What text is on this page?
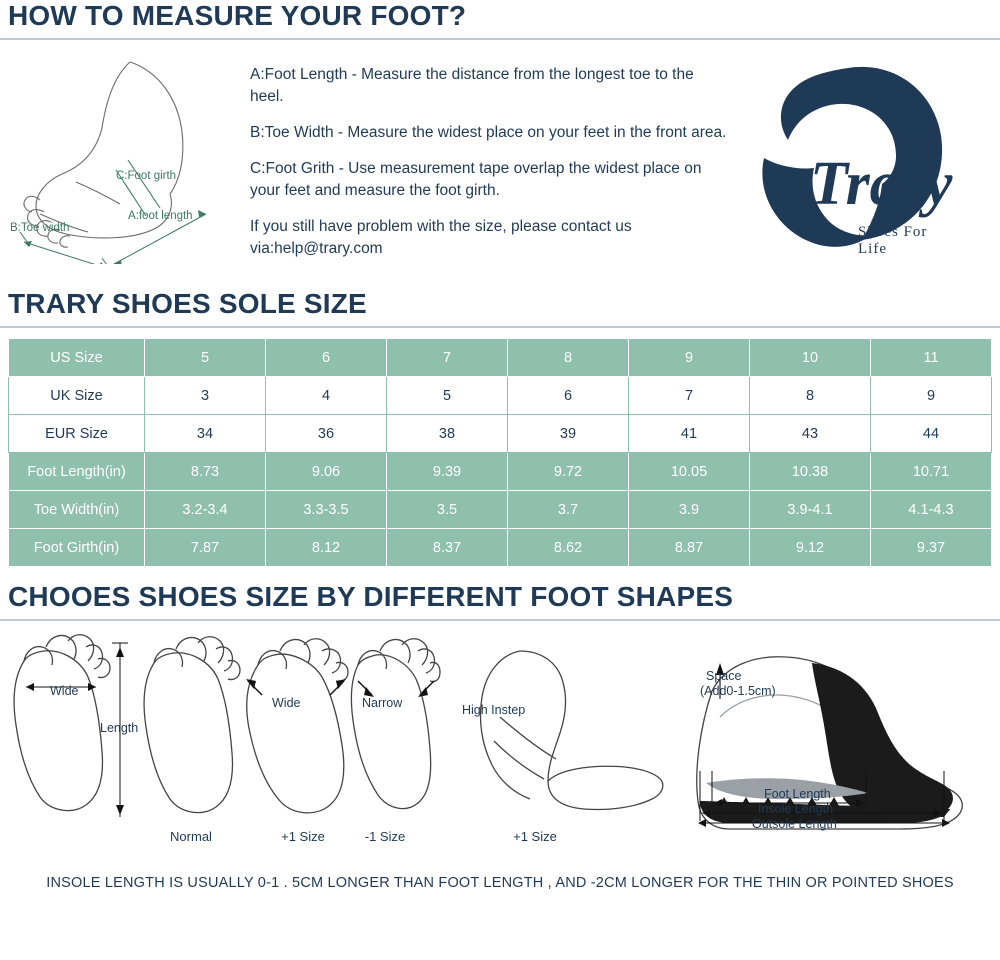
HOW TO MEASURE YOUR FOOT?
C:Foot girth
B:Toe width
A:foot length

A:Foot Length - Measure the distance from the longest toe to the heel.

B:Toe Width - Measure the widest place on your feet in the front area.

C:Foot Grith - Use measurement tape overlap the widest place on your feet and measure the foot girth.

If you still have problem with the size, please contact us via:help@trary.com

Trary
Shoes For Life
TRARY SHOES SOLE SIZE
US Size	5	6	7	8	9	10	11
UK Size	3	4	5	6	7	8	9
EUR Size	34	36	38	39	41	43	44
Foot Length(in)	8.73	9.06	9.39	9.72	10.05	10.38	10.71
Toe Width(in)	3.2-3.4	3.3-3.5	3.5	3.7	3.9	3.9-4.1	4.1-4.3
Foot Girth(in)	7.87	8.12	8.37	8.62	8.87	9.12	9.37
CHOOES SHOES SIZE BY DIFFERENT FOOT SHAPES
Wide
Length
Wide	Narrow	High Instep
Space
(Add0-1.5cm)
Foot Length
Insole Length
Outsole Length
Normal	+1 Size	-1 Size	+1 Size
INSOLE LENGTH IS USUALLY 0-1 . 5CM LONGER THAN FOOT LENGTH , AND -2CM LONGER FOR THE THIN OR POINTED SHOES
